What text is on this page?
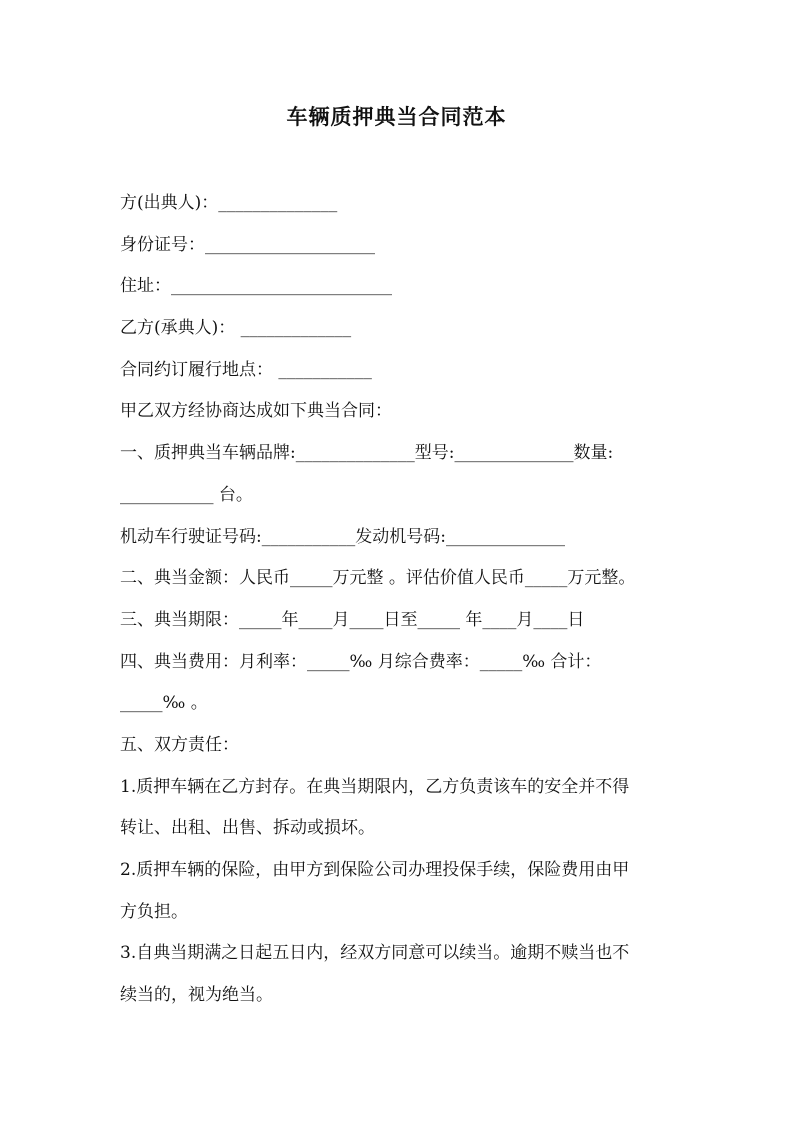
车辆质押典当合同范本
方(出典人)：______________
身份证号：____________________
住址：__________________________
乙方(承典人)： _____________
合同约订履行地点： ___________
甲乙双方经协商达成如下典当合同：
一、质押典当车辆品牌:______________型号:______________数量:
___________ 台。
机动车行驶证号码:___________发动机号码:______________
二、典当金额：人民币_____万元整 。评估价值人民币_____万元整。
三、典当期限：_____年____月____日至_____ 年____月____日
四、典当费用：月利率：_____‰ 月综合费率：_____‰ 合计：
_____‰ 。
五、双方责任：
1.质押车辆在乙方封存。在典当期限内，乙方负责该车的安全并不得
转让、出租、出售、拆动或损坏。
2.质押车辆的保险，由甲方到保险公司办理投保手续，保险费用由甲
方负担。
3.自典当期满之日起五日内，经双方同意可以续当。逾期不赎当也不
续当的，视为绝当。
